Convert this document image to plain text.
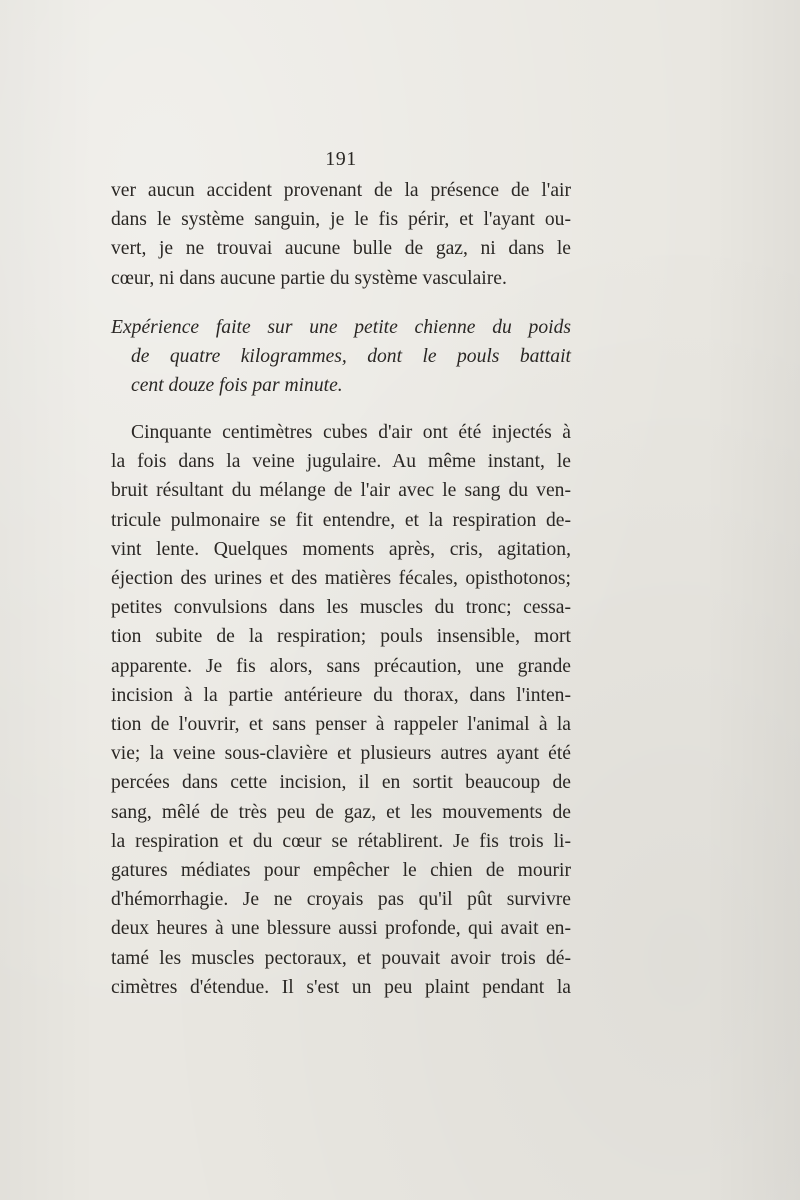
191
ver aucun accident provenant de la présence de l'air
dans le système sanguin, je le fis périr, et l'ayant ou-
vert, je ne trouvai aucune bulle de gaz, ni dans le
cœur, ni dans aucune partie du système vasculaire.
Expérience faite sur une petite chienne du poids
de quatre kilogrammes, dont le pouls battait
cent douze fois par minute.
Cinquante centimètres cubes d'air ont été injectés à
la fois dans la veine jugulaire. Au même instant, le
bruit résultant du mélange de l'air avec le sang du ven-
tricule pulmonaire se fit entendre, et la respiration de-
vint lente. Quelques moments après, cris, agitation,
éjection des urines et des matières fécales, opisthotonos;
petites convulsions dans les muscles du tronc; cessa-
tion subite de la respiration; pouls insensible, mort
apparente. Je fis alors, sans précaution, une grande
incision à la partie antérieure du thorax, dans l'inten-
tion de l'ouvrir, et sans penser à rappeler l'animal à la
vie; la veine sous-clavière et plusieurs autres ayant été
percées dans cette incision, il en sortit beaucoup de
sang, mêlé de très peu de gaz, et les mouvements de
la respiration et du cœur se rétablirent. Je fis trois li-
gatures médiates pour empêcher le chien de mourir
d'hémorrhagie. Je ne croyais pas qu'il pût survivre
deux heures à une blessure aussi profonde, qui avait en-
tamé les muscles pectoraux, et pouvait avoir trois dé-
cimètres d'étendue. Il s'est un peu plaint pendant la
